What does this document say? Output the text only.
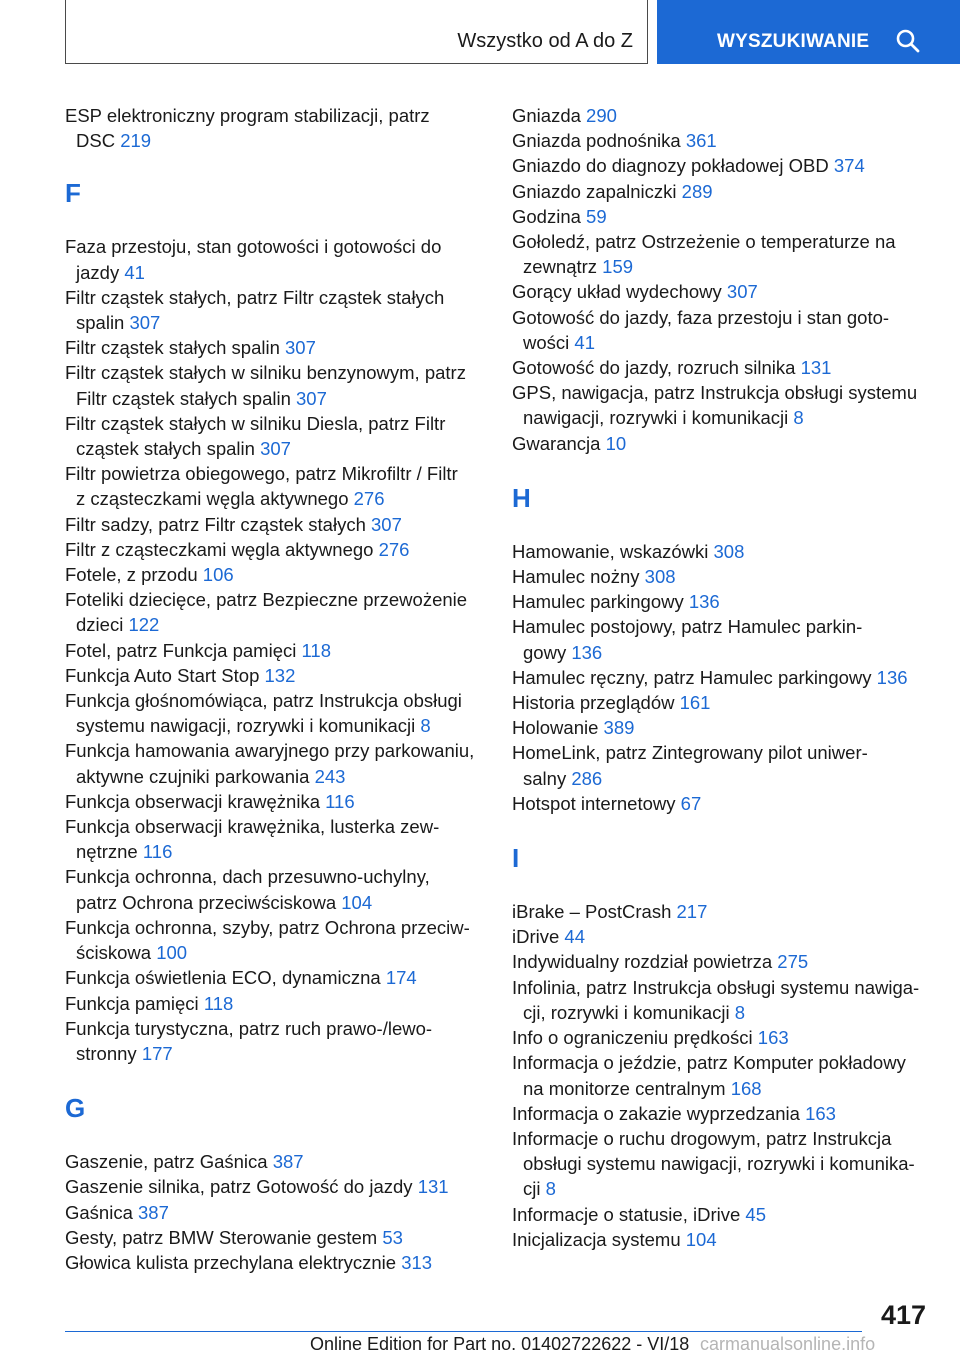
Wszystko od A do Z	WYSZUKIWANIE
ESP elektroniczny program stabilizacji, patrz
DSC 219
F
Faza przestoju, stan gotowości i gotowości do
jazdy 41
Filtr cząstek stałych, patrz Filtr cząstek stałych
spalin 307
Filtr cząstek stałych spalin 307
Filtr cząstek stałych w silniku benzynowym, patrz
Filtr cząstek stałych spalin 307
Filtr cząstek stałych w silniku Diesla, patrz Filtr
cząstek stałych spalin 307
Filtr powietrza obiegowego, patrz Mikrofiltr / Filtr
z cząsteczkami węgla aktywnego 276
Filtr sadzy, patrz Filtr cząstek stałych 307
Filtr z cząsteczkami węgla aktywnego 276
Fotele, z przodu 106
Foteliki dziecięce, patrz Bezpieczne przewożenie
dzieci 122
Fotel, patrz Funkcja pamięci 118
Funkcja Auto Start Stop 132
Funkcja głośnomówiąca, patrz Instrukcja obsługi
systemu nawigacji, rozrywki i komunikacji 8
Funkcja hamowania awaryjnego przy parkowaniu,
aktywne czujniki parkowania 243
Funkcja obserwacji krawężnika 116
Funkcja obserwacji krawężnika, lusterka zew‐
nętrzne 116
Funkcja ochronna, dach przesuwno-uchylny,
patrz Ochrona przeciwściskowa 104
Funkcja ochronna, szyby, patrz Ochrona przeciw‐
ściskowa 100
Funkcja oświetlenia ECO, dynamiczna 174
Funkcja pamięci 118
Funkcja turystyczna, patrz ruch prawo-/lewo‐
stronny 177
G
Gaszenie, patrz Gaśnica 387
Gaszenie silnika, patrz Gotowość do jazdy 131
Gaśnica 387
Gesty, patrz BMW Sterowanie gestem 53
Głowica kulista przechylana elektrycznie 313
Gniazda 290
Gniazda podnośnika 361
Gniazdo do diagnozy pokładowej OBD 374
Gniazdo zapalniczki 289
Godzina 59
Gołoledź, patrz Ostrzeżenie o temperaturze na
zewnątrz 159
Gorący układ wydechowy 307
Gotowość do jazdy, faza przestoju i stan goto‐
wości 41
Gotowość do jazdy, rozruch silnika 131
GPS, nawigacja, patrz Instrukcja obsługi systemu
nawigacji, rozrywki i komunikacji 8
Gwarancja 10
H
Hamowanie, wskazówki 308
Hamulec nożny 308
Hamulec parkingowy 136
Hamulec postojowy, patrz Hamulec parkin‐
gowy 136
Hamulec ręczny, patrz Hamulec parkingowy 136
Historia przeglądów 161
Holowanie 389
HomeLink, patrz Zintegrowany pilot uniwer‐
salny 286
Hotspot internetowy 67
I
iBrake – PostCrash 217
iDrive 44
Indywidualny rozdział powietrza 275
Infolinia, patrz Instrukcja obsługi systemu nawiga‐
cji, rozrywki i komunikacji 8
Info o ograniczeniu prędkości 163
Informacja o jeździe, patrz Komputer pokładowy
na monitorze centralnym 168
Informacja o zakazie wyprzedzania 163
Informacje o ruchu drogowym, patrz Instrukcja
obsługi systemu nawigacji, rozrywki i komunika‐
cji 8
Informacje o statusie, iDrive 45
Inicjalizacja systemu 104
417
Online Edition for Part no. 01402722622 - VI/18 carmanualsonline.info
